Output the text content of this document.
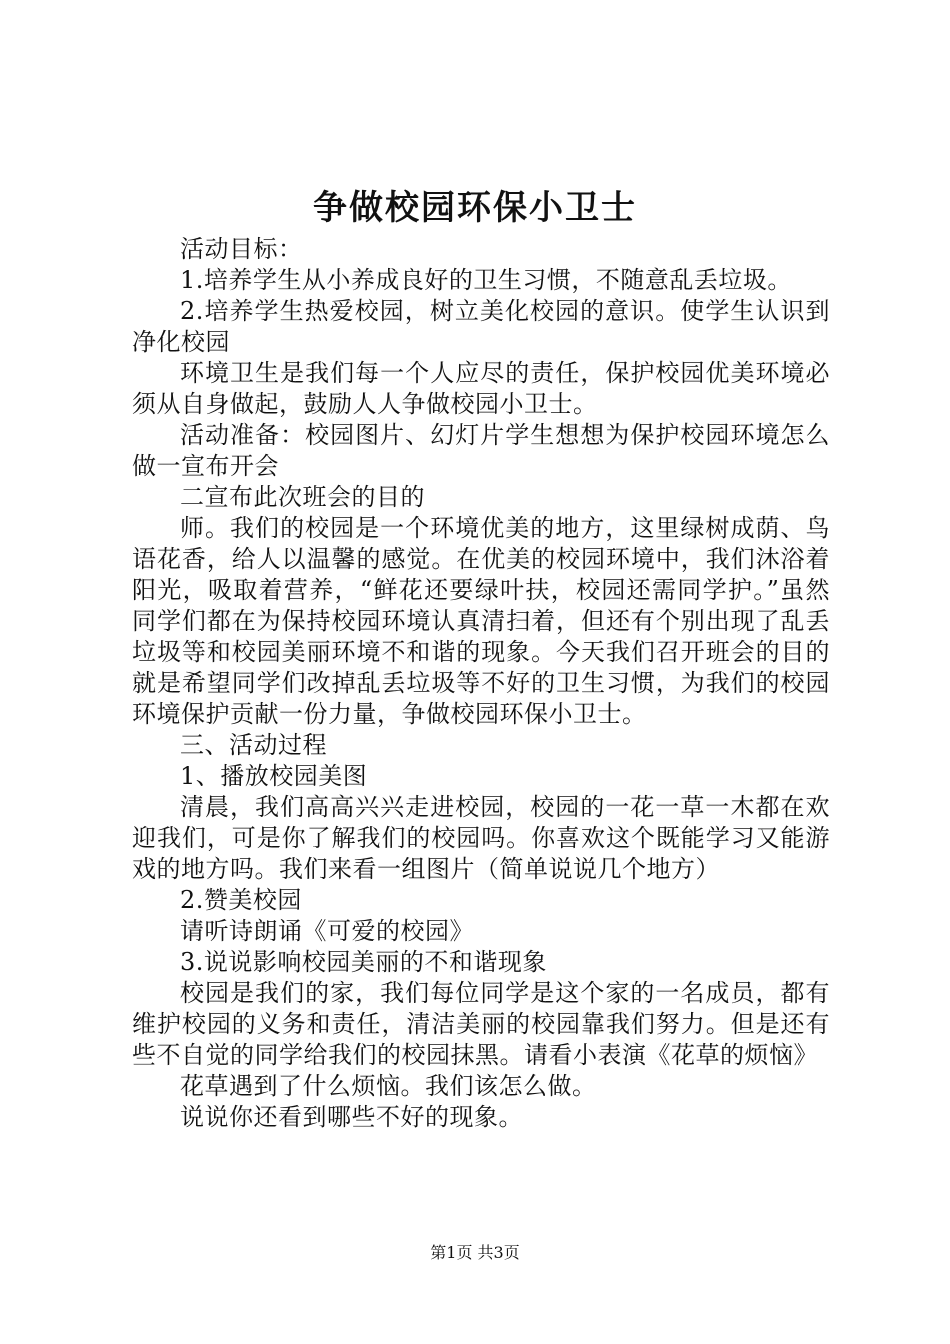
争做校园环保小卫士

活动目标：

1.培养学生从小养成良好的卫生习惯，不随意乱丢垃圾。

2.培养学生热爱校园，树立美化校园的意识。使学生认识到净化校园

环境卫生是我们每一个人应尽的责任，保护校园优美环境必须从自身做起，鼓励人人争做校园小卫士。

活动准备：校园图片、幻灯片学生想想为保护校园环境怎么做一宣布开会

二宣布此次班会的目的

师。我们的校园是一个环境优美的地方，这里绿树成荫、鸟语花香，给人以温馨的感觉。在优美的校园环境中，我们沐浴着阳光，吸取着营养，“鲜花还要绿叶扶，校园还需同学护。”虽然同学们都在为保持校园环境认真清扫着，但还有个别出现了乱丢垃圾等和校园美丽环境不和谐的现象。今天我们召开班会的目的就是希望同学们改掉乱丢垃圾等不好的卫生习惯，为我们的校园环境保护贡献一份力量，争做校园环保小卫士。

三、活动过程

1、播放校园美图

清晨，我们高高兴兴走进校园，校园的一花一草一木都在欢迎我们，可是你了解我们的校园吗。你喜欢这个既能学习又能游戏的地方吗。我们来看一组图片（简单说说几个地方）

2.赞美校园

请听诗朗诵《可爱的校园》

3.说说影响校园美丽的不和谐现象

校园是我们的家，我们每位同学是这个家的一名成员，都有维护校园的义务和责任，清洁美丽的校园靠我们努力。但是还有些不自觉的同学给我们的校园抹黑。请看小表演《花草的烦恼》

花草遇到了什么烦恼。我们该怎么做。

说说你还看到哪些不好的现象。

第1页 共3页
